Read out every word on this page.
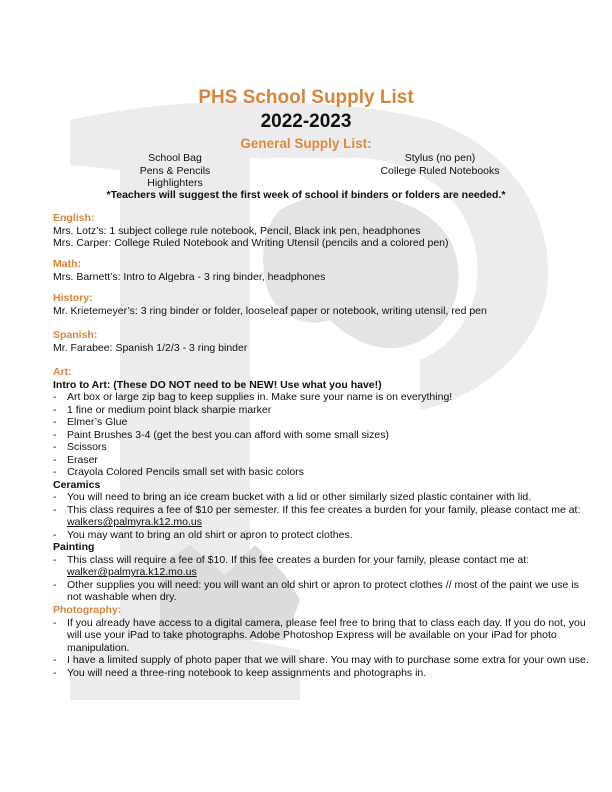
PHS School Supply List
2022-2023
General Supply List:
School Bag
Pens & Pencils
Highlighters
Stylus (no pen)
College Ruled Notebooks
*Teachers will suggest the first week of school if binders or folders are needed.*
English:
Mrs. Lotz’s: 1 subject college rule notebook, Pencil, Black ink pen, headphones
Mrs. Carper: College Ruled Notebook and Writing Utensil (pencils and a colored pen)
Math:
Mrs. Barnett’s: Intro to Algebra - 3 ring binder, headphones
History:
Mr. Krietemeyer’s: 3 ring binder or folder, looseleaf paper or notebook, writing utensil, red pen
Spanish:
Mr. Farabee: Spanish 1/2/3 - 3 ring binder
Art:
Intro to Art: (These DO NOT need to be NEW! Use what you have!)
- Art box or large zip bag to keep supplies in. Make sure your name is on everything!
- 1 fine or medium point black sharpie marker
- Elmer’s Glue
- Paint Brushes 3-4 (get the best you can afford with some small sizes)
- Scissors
- Eraser
- Crayola Colored Pencils small set with basic colors
Ceramics
- You will need to bring an ice cream bucket with a lid or other similarly sized plastic container with lid.
- This class requires a fee of $10 per semester. If this fee creates a burden for your family, please contact me at: walkers@palmyra.k12.mo.us
- You may want to bring an old shirt or apron to protect clothes.
Painting
- This class will require a fee of $10. If this fee creates a burden for your family, please contact me at: walker@palmyra.k12.mo.us
- Other supplies you will need: you will want an old shirt or apron to protect clothes // most of the paint we use is not washable when dry.
Photography:
- If you already have access to a digital camera, please feel free to bring that to class each day. If you do not, you will use your iPad to take photographs. Adobe Photoshop Express will be available on your iPad for photo manipulation.
- I have a limited supply of photo paper that we will share. You may with to purchase some extra for your own use.
- You will need a three-ring notebook to keep assignments and photographs in.
